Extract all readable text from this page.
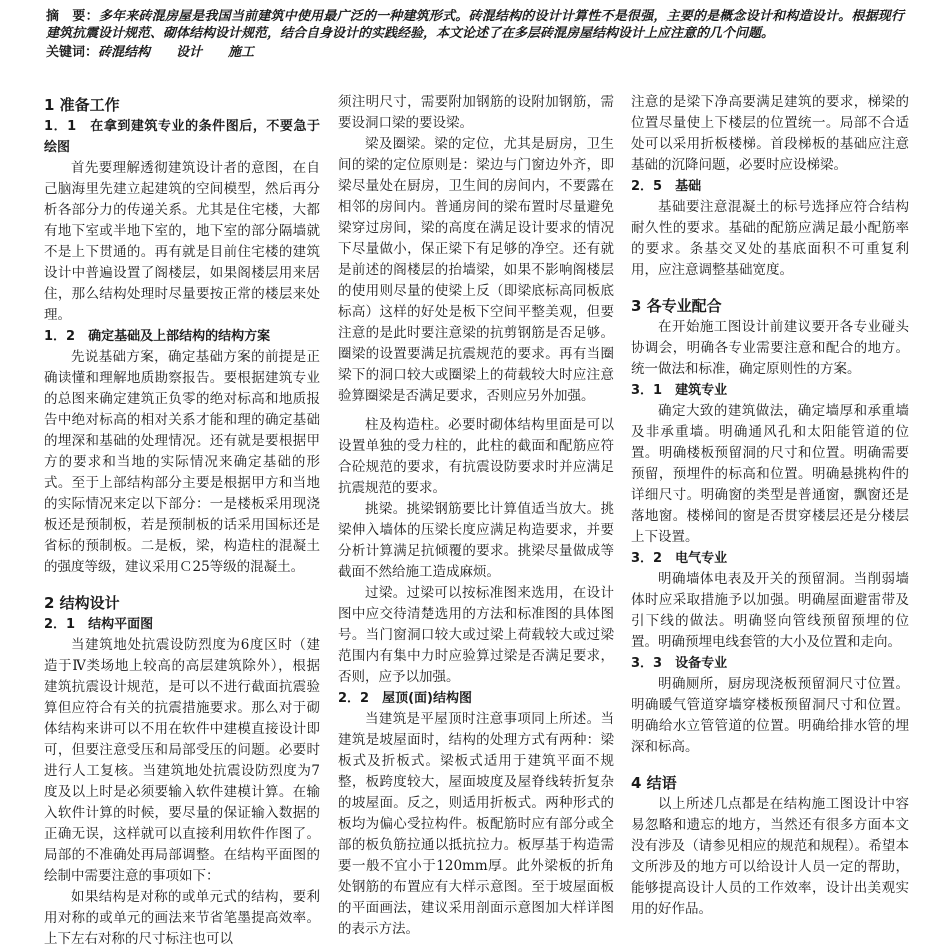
摘　要：多年来砖混房屋是我国当前建筑中使用最广泛的一种建筑形式。砖混结构的设计计算性不是很强，主要的是概念设计和构造设计。根据现行建筑抗震设计规范、砌体结构设计规范，结合自身设计的实践经验，本文论述了在多层砖混房屋结构设计上应注意的几个问题。
关键词：砖混结构　　设计　　施工
1 准备工作
1．1　在拿到建筑专业的条件图后，不要急于绘图

首先要理解透彻建筑设计者的意图，在自己脑海里先建立起建筑的空间模型，然后再分析各部分力的传递关系。尤其是住宅楼，大都有地下室或半地下室的，地下室的部分隔墙就不是上下贯通的。再有就是目前住宅楼的建筑设计中普遍设置了阁楼层，如果阁楼层用来居住，那么结构处理时尽量要按正常的楼层来处理。

1．2　确定基础及上部结构的结构方案

先说基础方案，确定基础方案的前提是正确读懂和理解地质勘察报告。要根据建筑专业的总图来确定建筑正负零的绝对标高和地质报告中绝对标高的相对关系才能和理的确定基础的埋深和基础的处理情况。还有就是要根据甲方的要求和当地的实际情况来确定基础的形式。至于上部结构部分主要是根据甲方和当地的实际情况来定以下部分：一是楼板采用现浇板还是预制板，若是预制板的话采用国标还是省标的预制板。二是板，梁，构造柱的混凝土的强度等级，建议采用Ｃ25等级的混凝土。

2 结构设计
2．1　结构平面图

当建筑地处抗震设防烈度为6度区时（建造于Ⅳ类场地上较高的高层建筑除外），根据建筑抗震设计规范，是可以不进行截面抗震验算但应符合有关的抗震措施要求。那么对于砌体结构来讲可以不用在软件中建模直接设计即可，但要注意受压和局部受压的问题。必要时进行人工复核。当建筑地处抗震设防烈度为7度及以上时是必须要输入软件建模计算。在输入软件计算的时候，要尽量的保证输入数据的正确无误，这样就可以直接利用软件作图了。局部的不准确处再局部调整。在结构平面图的绘制中需要注意的事项如下：

如果结构是对称的或单元式的结构，要利用对称的或单元的画法来节省笔墨提高效率。上下左右对称的尺寸标注也可以

须注明尺寸，需要附加钢筋的设附加钢筋，需要设洞口梁的要设梁。

梁及圈梁。梁的定位，尤其是厨房，卫生间的梁的定位原则是：梁边与门窗边外齐，即梁尽量处在厨房，卫生间的房间内，不要露在相邻的房间内。普通房间的梁布置时尽量避免梁穿过房间，梁的高度在满足设计要求的情况下尽量做小，保正梁下有足够的净空。还有就是前述的阁楼层的抬墙梁，如果不影响阁楼层的使用则尽量的使梁上反（即梁底标高同板底标高）这样的好处是板下空间平整美观，但要注意的是此时要注意梁的抗剪钢筋是否足够。圈梁的设置要满足抗震规范的要求。再有当圈梁下的洞口较大或圈梁上的荷载较大时应注意验算圈梁是否满足要求，否则应另外加强。

柱及构造柱。必要时砌体结构里面是可以设置单独的受力柱的，此柱的截面和配筋应符合砼规范的要求，有抗震设防要求时并应满足抗震规范的要求。

挑梁。挑梁钢筋要比计算值适当放大。挑梁伸入墙体的压梁长度应满足构造要求，并要分析计算满足抗倾覆的要求。挑梁尽量做成等截面不然给施工造成麻烦。

过梁。过梁可以按标准图来选用，在设计图中应交待清楚选用的方法和标准图的具体图号。当门窗洞口较大或过梁上荷载较大或过梁范围内有集中力时应验算过梁是否满足要求，否则，应予以加强。

2．2　屋顶(面)结构图

当建筑是平屋顶时注意事项同上所述。当建筑是坡屋面时，结构的处理方式有两种：梁板式及折板式。梁板式适用于建筑平面不规整，板跨度较大，屋面坡度及屋脊线转折复杂的坡屋面。反之，则适用折板式。两种形式的板均为偏心受拉构件。板配筋时应有部分或全部的板负筋拉通以抵抗拉力。板厚基于构造需要一般不宜小于120mm厚。此外梁板的折角处钢筋的布置应有大样示意图。至于坡屋面板的平面画法，建议采用剖面示意图加大样详图的表示方法。

注意的是梁下净高要满足建筑的要求，梯梁的位置尽量使上下楼层的位置统一。局部不合适处可以采用折板楼梯。首段梯板的基础应注意基础的沉降问题，必要时应设梯梁。

2．5　基础

基础要注意混凝土的标号选择应符合结构耐久性的要求。基础的配筋应满足最小配筋率的要求。条基交叉处的基底面积不可重复利用，应注意调整基础宽度。

3 各专业配合

在开始施工图设计前建议要开各专业碰头协调会，明确各专业需要注意和配合的地方。统一做法和标准，确定原则性的方案。

3．1　建筑专业

确定大致的建筑做法，确定墙厚和承重墙及非承重墙。明确通风孔和太阳能管道的位置。明确楼板预留洞的尺寸和位置。明确需要预留，预埋件的标高和位置。明确悬挑构件的详细尺寸。明确窗的类型是普通窗，飘窗还是落地窗。楼梯间的窗是否贯穿楼层还是分楼层上下设置。

3．2　电气专业

明确墙体电表及开关的预留洞。当削弱墙体时应采取措施予以加强。明确屋面避雷带及引下线的做法。明确竖向管线预留预埋的位置。明确预埋电线套管的大小及位置和走向。

3．3　设备专业

明确厕所，厨房现浇板预留洞尺寸位置。明确暖气管道穿墙穿楼板预留洞尺寸和位置。明确给水立管管道的位置。明确给排水管的埋深和标高。

4 结语

以上所述几点都是在结构施工图设计中容易忽略和遗忘的地方，当然还有很多方面本文没有涉及（请参见相应的规范和规程）。希望本文所涉及的地方可以给设计人员一定的帮助，能够提高设计人员的工作效率，设计出美观实用的好作品。
